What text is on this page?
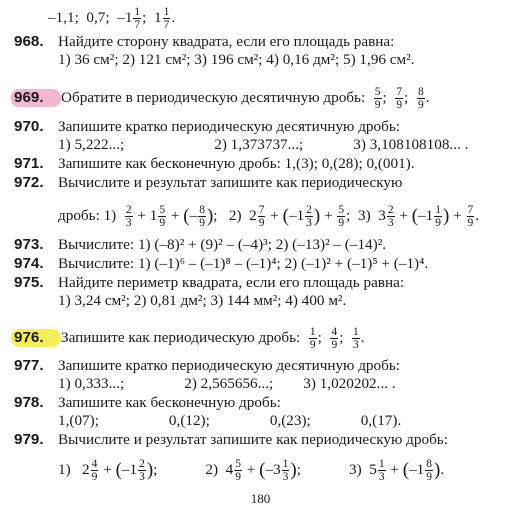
–1,1; 0,7; $-1 \frac{1}{7}$ ;  $1 \frac{1}{7}$ .
968. Найдите сторону квадрата, если его площадь равна:
1) 36 см²; 2) 121 см²; 3) 196 см²; 4) 0,16 дм²; 5) 1,96 см².
969. Обратите в периодическую десятичную дробь: $\frac{5}{9}$ ; $\frac{7}{9}$ ; $\frac{8}{9}$ .
970. Запишите кратко периодическую десятичную дробь:
1) 5,222...;	2) 1,373737...;	3) 3,108108108... .
971. Запишите как бесконечную дробь: 1,(3); 0,(28); 0,(001).
972. Вычислите и результат запишите как периодическую
дробь: $1) \frac{2}{3} + 1 \frac{5}{9}$ + (– $\frac{8}{9}$ );   2)  $2 \frac{7}{9} + (-1 \frac{2}{3}$ ) + $\frac{5}{9}$ ;  3)  $3 \frac{2}{3} + (-1 \frac{1}{9}$ ) + $\frac{7}{9}$ .
973. Вычислите: 1) (–8)² + (9)² – (–4)³; 2) (–13)² – (–14)².
974. Вычислите: 1) (–1)⁶ – (–1)⁸ – (–1)⁴; 2) (–1)² + (–1)⁵ + (–1)⁴.
975. Найдите периметр квадрата, если его площадь равна:
1) 3,24 см²; 2) 0,81 дм²; 3) 144 мм²; 4) 400 м².
976. Запишите как периодическую дробь: $\frac{1}{9}$ ; $\frac{4}{9}$ ; $\frac{1}{3}$ .
977. Запишите кратко периодическую десятичную дробь:
1) 0,333...;	2) 2,565656...; 3) 1,020202... .
978. Запишите как бесконечную дробь:
1,(07);	0,(12);	0,(23);	0,(17).
979. Вычислите и результат запишите как периодическую дробь:
1) $2 \frac{4}{9} + (-1 \frac{2}{3}$ );	2) $4 \frac{5}{9} + (-3 \frac{1}{3}$ );	3) $5 \frac{1}{3} + (-1 \frac{8}{9}$ ).
180
